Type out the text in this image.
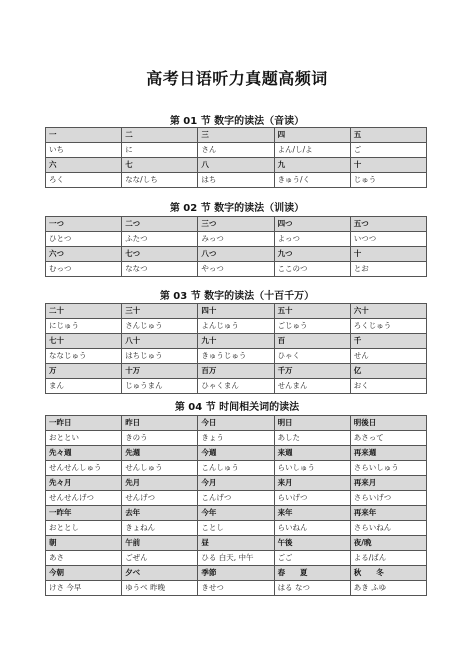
高考日语听力真题高频词
第 01 节 数字的读法（音读）
一	二	三	四	五
いち	に	さん	よん/し/よ	ご
六	七	八	九	十
ろく	なな/しち	はち	きゅう/く	じゅう
第 02 节 数字的读法（训读）
一つ	二つ	三つ	四つ	五つ
ひとつ	ふたつ	みっつ	よっつ	いつつ
六つ	七つ	八つ	九つ	十
むっつ	ななつ	やっつ	ここのつ	とお
第 03 节 数字的读法（十百千万）
二十	三十	四十	五十	六十
にじゅう	さんじゅう	よんじゅう	ごじゅう	ろくじゅう
七十	八十	九十	百	千
ななじゅう	はちじゅう	きゅうじゅう	ひゃく	せん
万	十万	百万	千万	亿
まん	じゅうまん	ひゃくまん	せんまん	おく
第 04 节 时间相关词的读法
一昨日	昨日	今日	明日	明後日
おととい	きのう	きょう	あした	あさって
先々週	先週	今週	来週	再来週
せんせんしゅう	せんしゅう	こんしゅう	らいしゅう	さらいしゅう
先々月	先月	今月	来月	再来月
せんせんげつ	せんげつ	こんげつ	らいげつ	さらいげつ
一昨年	去年	今年	来年	再来年
おととし	きょねん	ことし	らいねん	さらいねん
朝	午前	昼	午後	夜/晩
あさ	ごぜん	ひる 白天, 中午	ごご	よる/ばん
今朝	夕べ	季節	春　　夏	秋　　冬
けさ 今早	ゆうべ 昨晚	きせつ	はる なつ	あき ふゆ
